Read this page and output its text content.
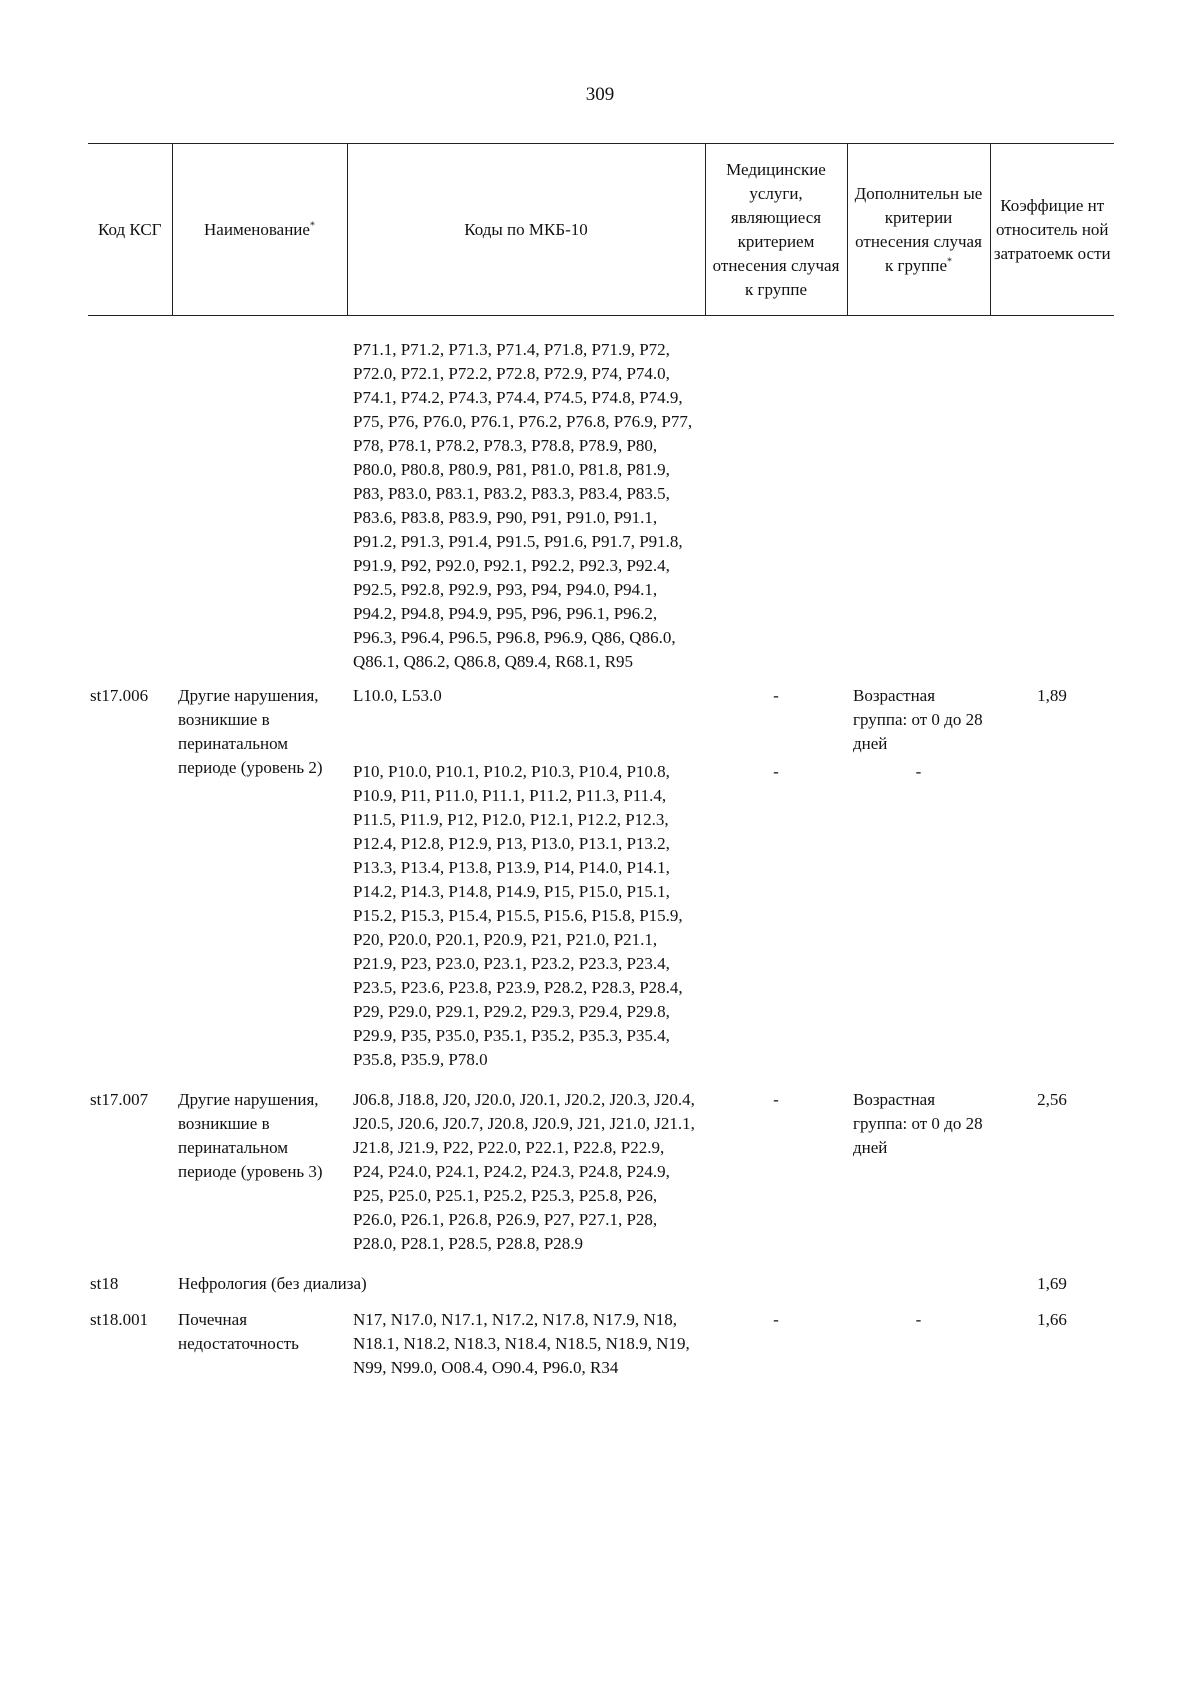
309
Код КСГ	Наименование*	Коды по МКБ-10	Медицинские услуги, являющиеся критерием отнесения случая к группе	Дополнительн ые критерии отнесения случая к группе*	Коэффицие нт относитель ной затратоемк ости
		P71.1, P71.2, P71.3, P71.4, P71.8, P71.9, P72, P72.0, P72.1, P72.2, P72.8, P72.9, P74, P74.0, P74.1, P74.2, P74.3, P74.4, P74.5, P74.8, P74.9, P75, P76, P76.0, P76.1, P76.2, P76.8, P76.9, P77, P78, P78.1, P78.2, P78.3, P78.8, P78.9, P80, P80.0, P80.8, P80.9, P81, P81.0, P81.8, P81.9, P83, P83.0, P83.1, P83.2, P83.3, P83.4, P83.5, P83.6, P83.8, P83.9, P90, P91, P91.0, P91.1, P91.2, P91.3, P91.4, P91.5, P91.6, P91.7, P91.8, P91.9, P92, P92.0, P92.1, P92.2, P92.3, P92.4, P92.5, P92.8, P92.9, P93, P94, P94.0, P94.1, P94.2, P94.8, P94.9, P95, P96, P96.1, P96.2, P96.3, P96.4, P96.5, P96.8, P96.9, Q86, Q86.0, Q86.1, Q86.2, Q86.8, Q89.4, R68.1, R95			
st17.006	Другие нарушения, возникшие в перинатальном периоде (уровень 2)	L10.0, L53.0	-	Возрастная группа: от 0 до 28 дней	1,89
		P10, P10.0, P10.1, P10.2, P10.3, P10.4, P10.8, P10.9, P11, P11.0, P11.1, P11.2, P11.3, P11.4, P11.5, P11.9, P12, P12.0, P12.1, P12.2, P12.3, P12.4, P12.8, P12.9, P13, P13.0, P13.1, P13.2, P13.3, P13.4, P13.8, P13.9, P14, P14.0, P14.1, P14.2, P14.3, P14.8, P14.9, P15, P15.0, P15.1, P15.2, P15.3, P15.4, P15.5, P15.6, P15.8, P15.9, P20, P20.0, P20.1, P20.9, P21, P21.0, P21.1, P21.9, P23, P23.0, P23.1, P23.2, P23.3, P23.4, P23.5, P23.6, P23.8, P23.9, P28.2, P28.3, P28.4, P29, P29.0, P29.1, P29.2, P29.3, P29.4, P29.8, P29.9, P35, P35.0, P35.1, P35.2, P35.3, P35.4, P35.8, P35.9, P78.0	-	-	
st17.007	Другие нарушения, возникшие в перинатальном периоде (уровень 3)	J06.8, J18.8, J20, J20.0, J20.1, J20.2, J20.3, J20.4, J20.5, J20.6, J20.7, J20.8, J20.9, J21, J21.0, J21.1, J21.8, J21.9, P22, P22.0, P22.1, P22.8, P22.9, P24, P24.0, P24.1, P24.2, P24.3, P24.8, P24.9, P25, P25.0, P25.1, P25.2, P25.3, P25.8, P26, P26.0, P26.1, P26.8, P26.9, P27, P27.1, P28, P28.0, P28.1, P28.5, P28.8, P28.9	-	Возрастная группа: от 0 до 28 дней	2,56
st18	Нефрология (без диализа)				1,69
st18.001	Почечная недостаточность	N17, N17.0, N17.1, N17.2, N17.8, N17.9, N18, N18.1, N18.2, N18.3, N18.4, N18.5, N18.9, N19, N99, N99.0, O08.4, O90.4, P96.0, R34	-	-	1,66
